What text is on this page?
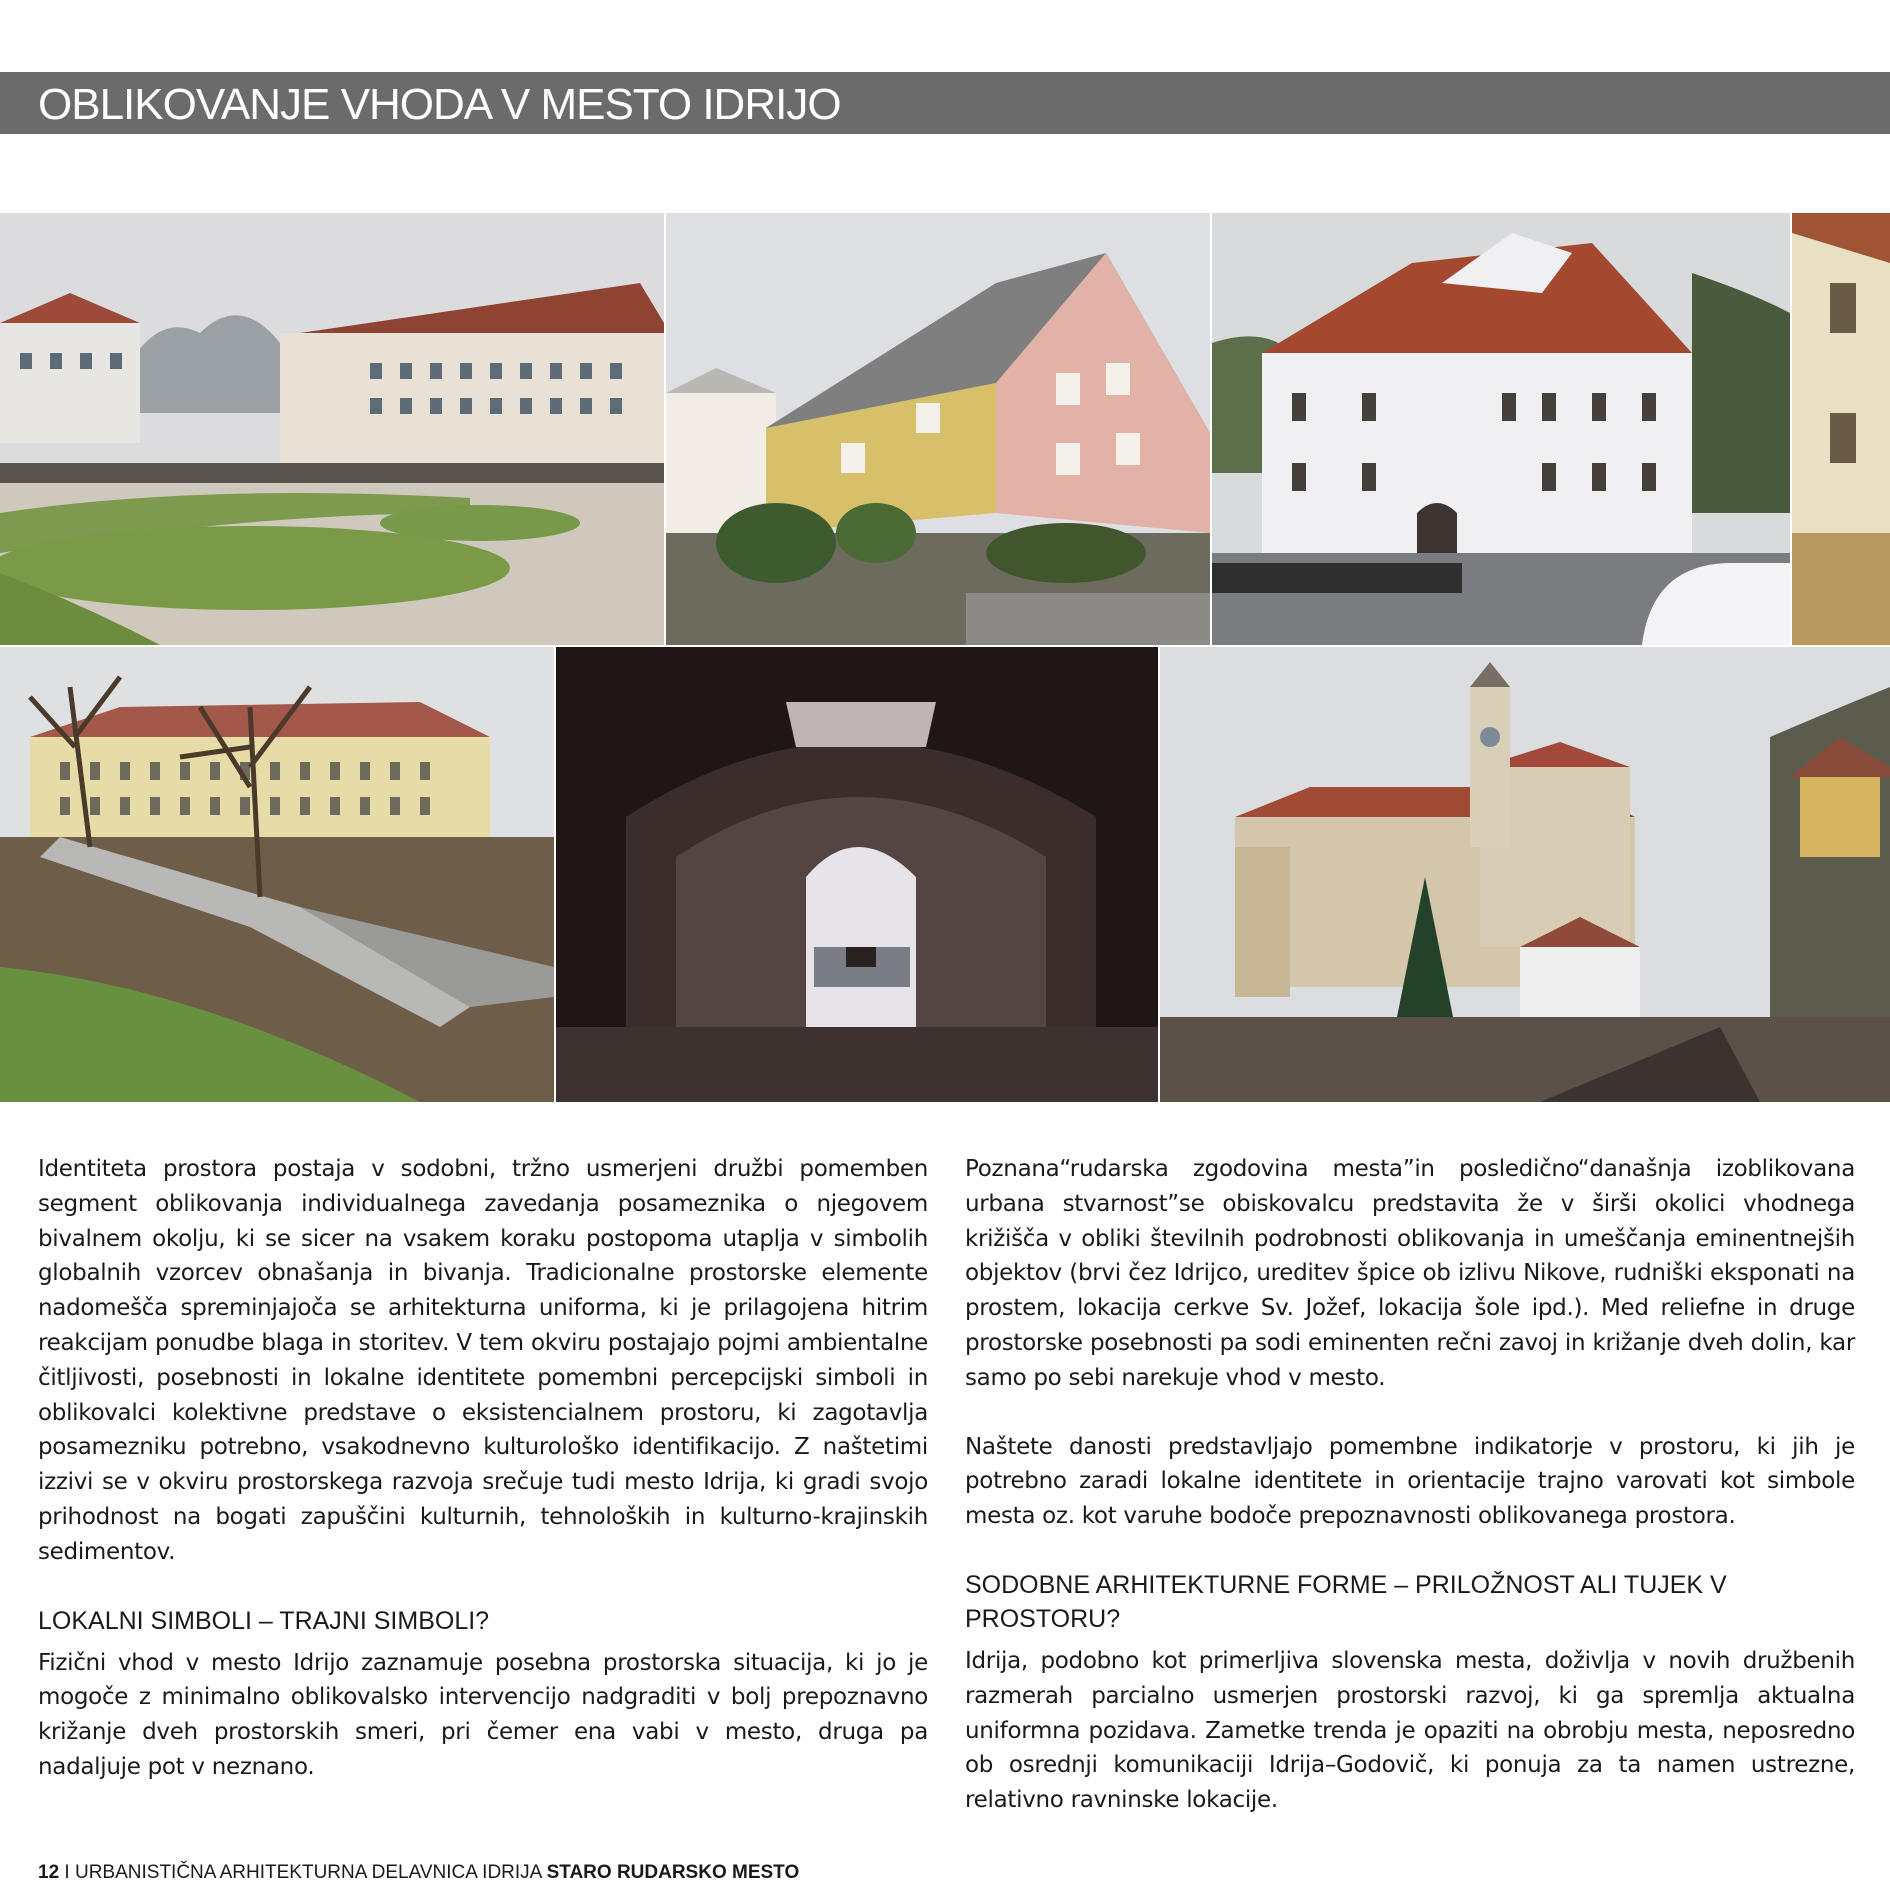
OBLIKOVANJE VHODA V MESTO IDRIJO

Identiteta prostora postaja v sodobni, tržno usmerjeni družbi pomemben segment oblikovanja individualnega zavedanja posameznika o njegovem bivalnem okolju, ki se sicer na vsakem koraku postopoma utaplja v simbolih globalnih vzorcev obnašanja in bivanja. Tradicionalne prostorske elemente nadomešča spreminjajoča se arhitekturna uniforma, ki je prilagojena hitrim reakcijam ponudbe blaga in storitev. V tem okviru postajajo pojmi ambientalne čitljivosti, posebnosti in lokalne identitete pomembni percepcijski simboli in oblikovalci kolektivne predstave o eksistencialnem prostoru, ki zagotavlja posamezniku potrebno, vsakodnevno kulturološko identifikacijo. Z naštetimi izzivi se v okviru prostorskega razvoja srečuje tudi mesto Idrija, ki gradi svojo prihodnost na bogati zapuščini kulturnih, tehnoloških in kulturno-krajinskih sedimentov.

LOKALNI SIMBOLI – TRAJNI SIMBOLI?

Fizični vhod v mesto Idrijo zaznamuje posebna prostorska situacija, ki jo je mogoče z minimalno oblikovalsko intervencijo nadgraditi v bolj prepoznavno križanje dveh prostorskih smeri, pri čemer ena vabi v mesto, druga pa nadaljuje pot v neznano.

Poznana“rudarska zgodovina mesta”in posledično“današnja izoblikovana urbana stvarnost”se obiskovalcu predstavita že v širši okolici vhodnega križišča v obliki številnih podrobnosti oblikovanja in umeščanja eminentnejših objektov (brvi čez Idrijco, ureditev špice ob izlivu Nikove, rudniški eksponati na prostem, lokacija cerkve Sv. Jožef, lokacija šole ipd.). Med reliefne in druge prostorske posebnosti pa sodi eminenten rečni zavoj in križanje dveh dolin, kar samo po sebi narekuje vhod v mesto.

Naštete danosti predstavljajo pomembne indikatorje v prostoru, ki jih je potrebno zaradi lokalne identitete in orientacije trajno varovati kot simbole mesta oz. kot varuhe bodoče prepoznavnosti oblikovanega prostora.

SODOBNE ARHITEKTURNE FORME – PRILOŽNOST ALI TUJEK V PROSTORU?

Idrija, podobno kot primerljiva slovenska mesta, doživlja v novih družbenih razmerah parcialno usmerjen prostorski razvoj, ki ga spremlja aktualna uniformna pozidava. Zametke trenda je opaziti na obrobju mesta, neposredno ob osrednji komunikaciji Idrija–Godovič, ki ponuja za ta namen ustrezne, relativno ravninske lokacije.

12 I URBANISTIČNA ARHITEKTURNA DELAVNICA IDRIJA STARO RUDARSKO MESTO
